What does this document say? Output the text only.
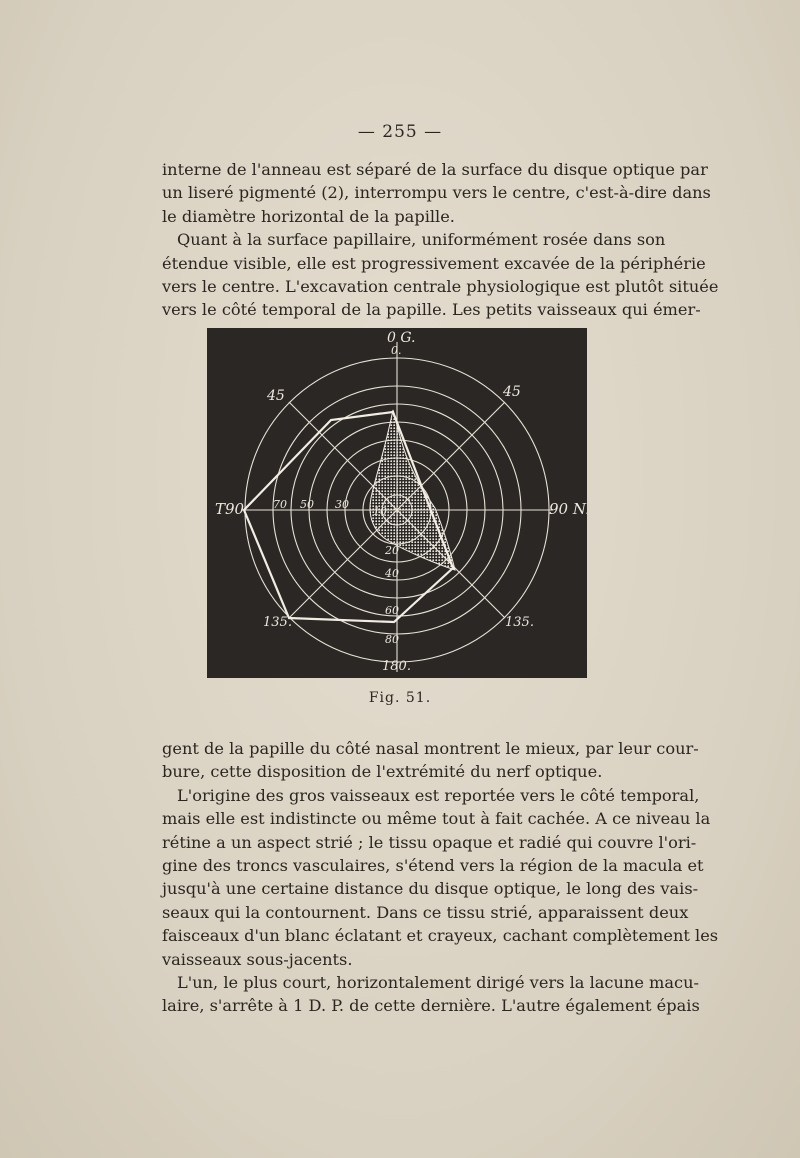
— 255 —
interne de l'anneau est séparé de la surface du disque optique par
un liseré pigmenté (2), interrompu vers le centre, c'est-à-dire dans
le diamètre horizontal de la papille.
Quant à la surface papillaire, uniformément rosée dans son
étendue visible, elle est progressivement excavée de la périphérie
vers le centre. L'excavation centrale physiologique est plutôt située
vers le côté temporal de la papille. Les petits vaisseaux qui émer-
0 G.
0.
T90	90 N.
180.
45	45
135.	135.
70 50 30
10
20
40
60
80
Fig. 51.
gent de la papille du côté nasal montrent le mieux, par leur cour-
bure, cette disposition de l'extrémité du nerf optique.
L'origine des gros vaisseaux est reportée vers le côté temporal,
mais elle est indistincte ou même tout à fait cachée. A ce niveau la
rétine a un aspect strié ; le tissu opaque et radié qui couvre l'ori-
gine des troncs vasculaires, s'étend vers la région de la macula et
jusqu'à une certaine distance du disque optique, le long des vais-
seaux qui la contournent. Dans ce tissu strié, apparaissent deux
faisceaux d'un blanc éclatant et crayeux, cachant complètement les
vaisseaux sous-jacents.
L'un, le plus court, horizontalement dirigé vers la lacune macu-
laire, s'arrête à 1 D. P. de cette dernière. L'autre également épais
